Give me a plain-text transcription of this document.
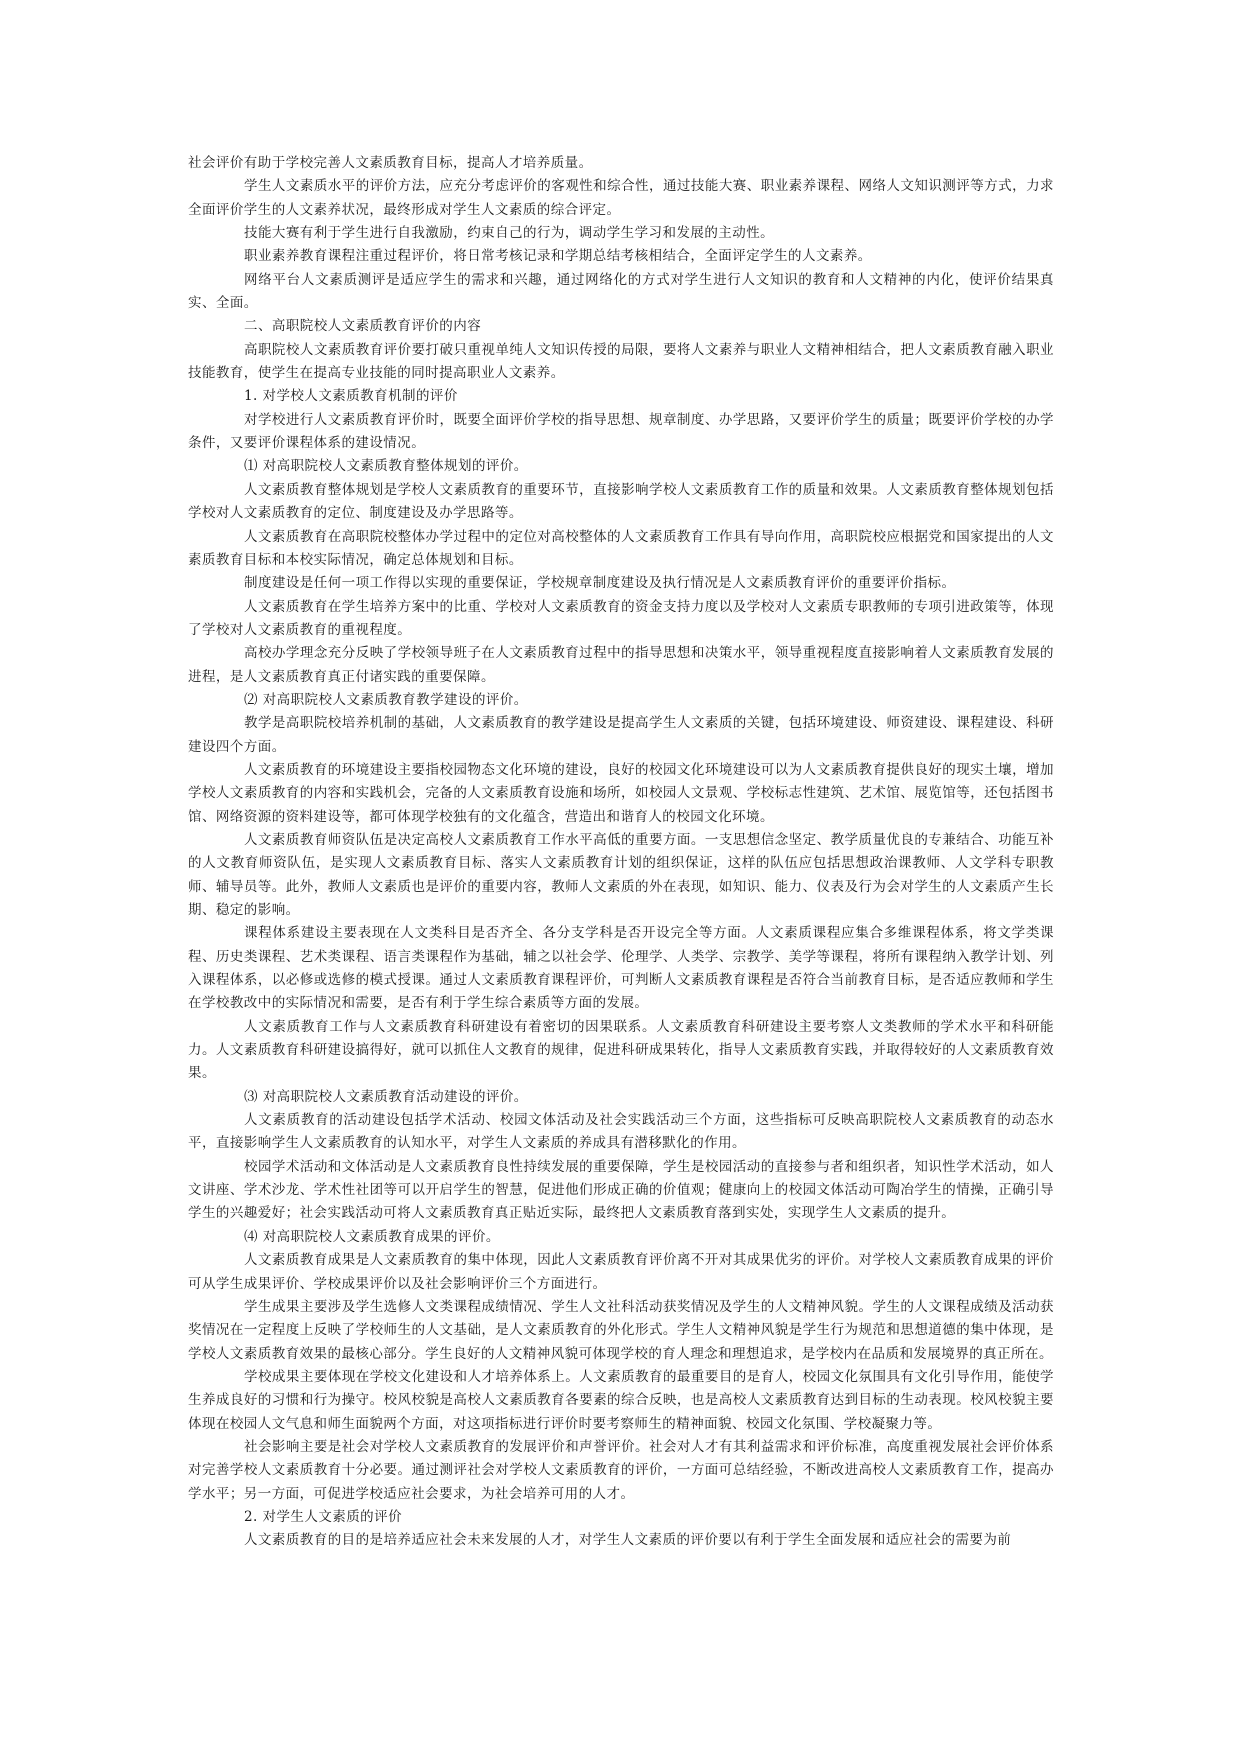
社会评价有助于学校完善人文素质教育目标，提高人才培养质量。

学生人文素质水平的评价方法，应充分考虑评价的客观性和综合性，通过技能大赛、职业素养课程、网络人文知识测评等方式，力求全面评价学生的人文素养状况，最终形成对学生人文素质的综合评定。

技能大赛有利于学生进行自我激励，约束自己的行为，调动学生学习和发展的主动性。

职业素养教育课程注重过程评价，将日常考核记录和学期总结考核相结合，全面评定学生的人文素养。

网络平台人文素质测评是适应学生的需求和兴趣，通过网络化的方式对学生进行人文知识的教育和人文精神的内化，使评价结果真实、全面。

二、高职院校人文素质教育评价的内容

高职院校人文素质教育评价要打破只重视单纯人文知识传授的局限，要将人文素养与职业人文精神相结合，把人文素质教育融入职业技能教育，使学生在提高专业技能的同时提高职业人文素养。

1. 对学校人文素质教育机制的评价

对学校进行人文素质教育评价时，既要全面评价学校的指导思想、规章制度、办学思路，又要评价学生的质量；既要评价学校的办学条件，又要评价课程体系的建设情况。

⑴ 对高职院校人文素质教育整体规划的评价。

人文素质教育整体规划是学校人文素质教育的重要环节，直接影响学校人文素质教育工作的质量和效果。人文素质教育整体规划包括学校对人文素质教育的定位、制度建设及办学思路等。

人文素质教育在高职院校整体办学过程中的定位对高校整体的人文素质教育工作具有导向作用，高职院校应根据党和国家提出的人文素质教育目标和本校实际情况，确定总体规划和目标。

制度建设是任何一项工作得以实现的重要保证，学校规章制度建设及执行情况是人文素质教育评价的重要评价指标。

人文素质教育在学生培养方案中的比重、学校对人文素质教育的资金支持力度以及学校对人文素质专职教师的专项引进政策等，体现了学校对人文素质教育的重视程度。

高校办学理念充分反映了学校领导班子在人文素质教育过程中的指导思想和决策水平，领导重视程度直接影响着人文素质教育发展的进程，是人文素质教育真正付诸实践的重要保障。

⑵ 对高职院校人文素质教育教学建设的评价。

教学是高职院校培养机制的基础，人文素质教育的教学建设是提高学生人文素质的关键，包括环境建设、师资建设、课程建设、科研建设四个方面。

人文素质教育的环境建设主要指校园物态文化环境的建设，良好的校园文化环境建设可以为人文素质教育提供良好的现实土壤，增加学校人文素质教育的内容和实践机会，完备的人文素质教育设施和场所，如校园人文景观、学校标志性建筑、艺术馆、展览馆等，还包括图书馆、网络资源的资料建设等，都可体现学校独有的文化蕴含，营造出和谐育人的校园文化环境。

人文素质教育师资队伍是决定高校人文素质教育工作水平高低的重要方面。一支思想信念坚定、教学质量优良的专兼结合、功能互补的人文教育师资队伍，是实现人文素质教育目标、落实人文素质教育计划的组织保证，这样的队伍应包括思想政治课教师、人文学科专职教师、辅导员等。此外，教师人文素质也是评价的重要内容，教师人文素质的外在表现，如知识、能力、仪表及行为会对学生的人文素质产生长期、稳定的影响。

课程体系建设主要表现在人文类科目是否齐全、各分支学科是否开设完全等方面。人文素质课程应集合多维课程体系，将文学类课程、历史类课程、艺术类课程、语言类课程作为基础，辅之以社会学、伦理学、人类学、宗教学、美学等课程，将所有课程纳入教学计划、列入课程体系，以必修或选修的模式授课。通过人文素质教育课程评价，可判断人文素质教育课程是否符合当前教育目标，是否适应教师和学生在学校教改中的实际情况和需要，是否有利于学生综合素质等方面的发展。

人文素质教育工作与人文素质教育科研建设有着密切的因果联系。人文素质教育科研建设主要考察人文类教师的学术水平和科研能力。人文素质教育科研建设搞得好，就可以抓住人文教育的规律，促进科研成果转化，指导人文素质教育实践，并取得较好的人文素质教育效果。

⑶ 对高职院校人文素质教育活动建设的评价。

人文素质教育的活动建设包括学术活动、校园文体活动及社会实践活动三个方面，这些指标可反映高职院校人文素质教育的动态水平，直接影响学生人文素质教育的认知水平，对学生人文素质的养成具有潜移默化的作用。

校园学术活动和文体活动是人文素质教育良性持续发展的重要保障，学生是校园活动的直接参与者和组织者，知识性学术活动，如人文讲座、学术沙龙、学术性社团等可以开启学生的智慧，促进他们形成正确的价值观；健康向上的校园文体活动可陶冶学生的情操，正确引导学生的兴趣爱好；社会实践活动可将人文素质教育真正贴近实际，最终把人文素质教育落到实处，实现学生人文素质的提升。

⑷ 对高职院校人文素质教育成果的评价。

人文素质教育成果是人文素质教育的集中体现，因此人文素质教育评价离不开对其成果优劣的评价。对学校人文素质教育成果的评价可从学生成果评价、学校成果评价以及社会影响评价三个方面进行。

学生成果主要涉及学生选修人文类课程成绩情况、学生人文社科活动获奖情况及学生的人文精神风貌。学生的人文课程成绩及活动获奖情况在一定程度上反映了学校师生的人文基础，是人文素质教育的外化形式。学生人文精神风貌是学生行为规范和思想道德的集中体现，是学校人文素质教育效果的最核心部分。学生良好的人文精神风貌可体现学校的育人理念和理想追求，是学校内在品质和发展境界的真正所在。

学校成果主要体现在学校文化建设和人才培养体系上。人文素质教育的最重要目的是育人，校园文化氛围具有文化引导作用，能使学生养成良好的习惯和行为操守。校风校貌是高校人文素质教育各要素的综合反映，也是高校人文素质教育达到目标的生动表现。校风校貌主要体现在校园人文气息和师生面貌两个方面，对这项指标进行评价时要考察师生的精神面貌、校园文化氛围、学校凝聚力等。

社会影响主要是社会对学校人文素质教育的发展评价和声誉评价。社会对人才有其利益需求和评价标准，高度重视发展社会评价体系对完善学校人文素质教育十分必要。通过测评社会对学校人文素质教育的评价，一方面可总结经验，不断改进高校人文素质教育工作，提高办学水平；另一方面，可促进学校适应社会要求，为社会培养可用的人才。

2. 对学生人文素质的评价

人文素质教育的目的是培养适应社会未来发展的人才，对学生人文素质的评价要以有利于学生全面发展和适应社会的需要为前
